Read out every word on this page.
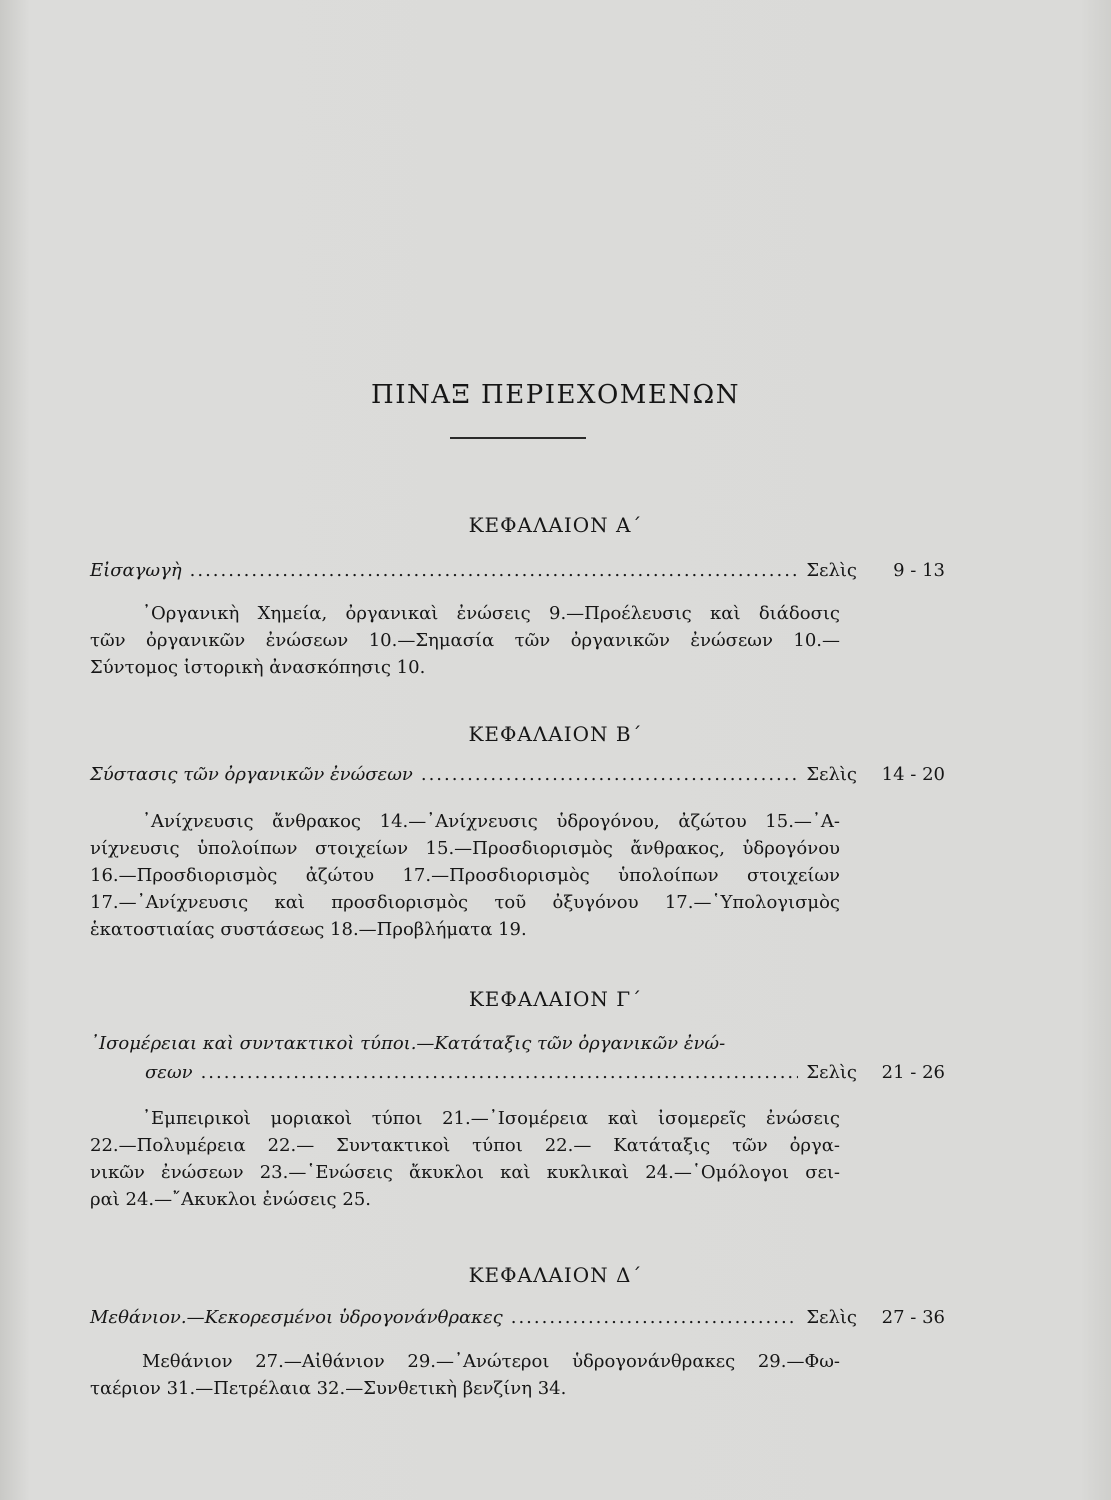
ΠΙΝΑΞ ΠΕΡΙΕΧΟΜΕΝΩΝ
ΚΕΦΑΛΑΙΟΝ Α΄
Εἰσαγωγὴ .....	Σελὶς	9 - 13
᾿Οργανικὴ Χημεία, ὀργανικαὶ ἐνώσεις 9.—Προέλευσις καὶ διάδοσις
τῶν ὀργανικῶν ἐνώσεων 10.—Σημασία τῶν ὀργανικῶν ἐνώσεων 10.—
Σύντομος ἱστορικὴ ἀνασκόπησις 10.
ΚΕΦΑΛΑΙΟΝ Β΄
Σύστασις τῶν ὀργανικῶν ἐνώσεων .....	Σελὶς	14 - 20
᾿Ανίχνευσις ἄνθρακος 14.—᾿Ανίχνευσις ὑδρογόνου, ἀζώτου 15.—᾿Α-
νίχνευσις ὑπολοίπων στοιχείων 15.—Προσδιορισμὸς ἄνθρακος, ὑδρογόνου
16.—Προσδιορισμὸς ἀζώτου 17.—Προσδιορισμὸς ὑπολοίπων στοιχείων
17.—᾿Ανίχνευσις καὶ προσδιορισμὸς τοῦ ὀξυγόνου 17.—῾Υπολογισμὸς
ἑκατοστιαίας συστάσεως 18.—Προβλήματα 19.
ΚΕΦΑΛΑΙΟΝ Γ΄
᾿Ισομέρειαι καὶ συντακτικοὶ τύποι.—Κατάταξις τῶν ὀργανικῶν ἐνώ-
σεων .....	Σελὶς	21 - 26
᾿Εμπειρικοὶ μοριακοὶ τύποι 21.—᾿Ισομέρεια καὶ ἰσομερεῖς ἐνώσεις
22.—Πολυμέρεια 22.— Συντακτικοὶ τύποι 22.— Κατάταξις τῶν ὀργα-
νικῶν ἐνώσεων 23.—῾Ενώσεις ἄκυκλοι καὶ κυκλικαὶ 24.—῾Ομόλογοι σει-
ραὶ 24.—῎Ακυκλοι ἐνώσεις 25.
ΚΕΦΑΛΑΙΟΝ Δ΄
Μεθάνιον.—Κεκορεσμένοι ὑδρογονάνθρακες .....	Σελὶς	27 - 36
Μεθάνιον 27.—Αἰθάνιον 29.—᾿Ανώτεροι ὑδρογονάνθρακες 29.—Φω-
ταέριον 31.—Πετρέλαια 32.—Συνθετικὴ βενζίνη 34.
